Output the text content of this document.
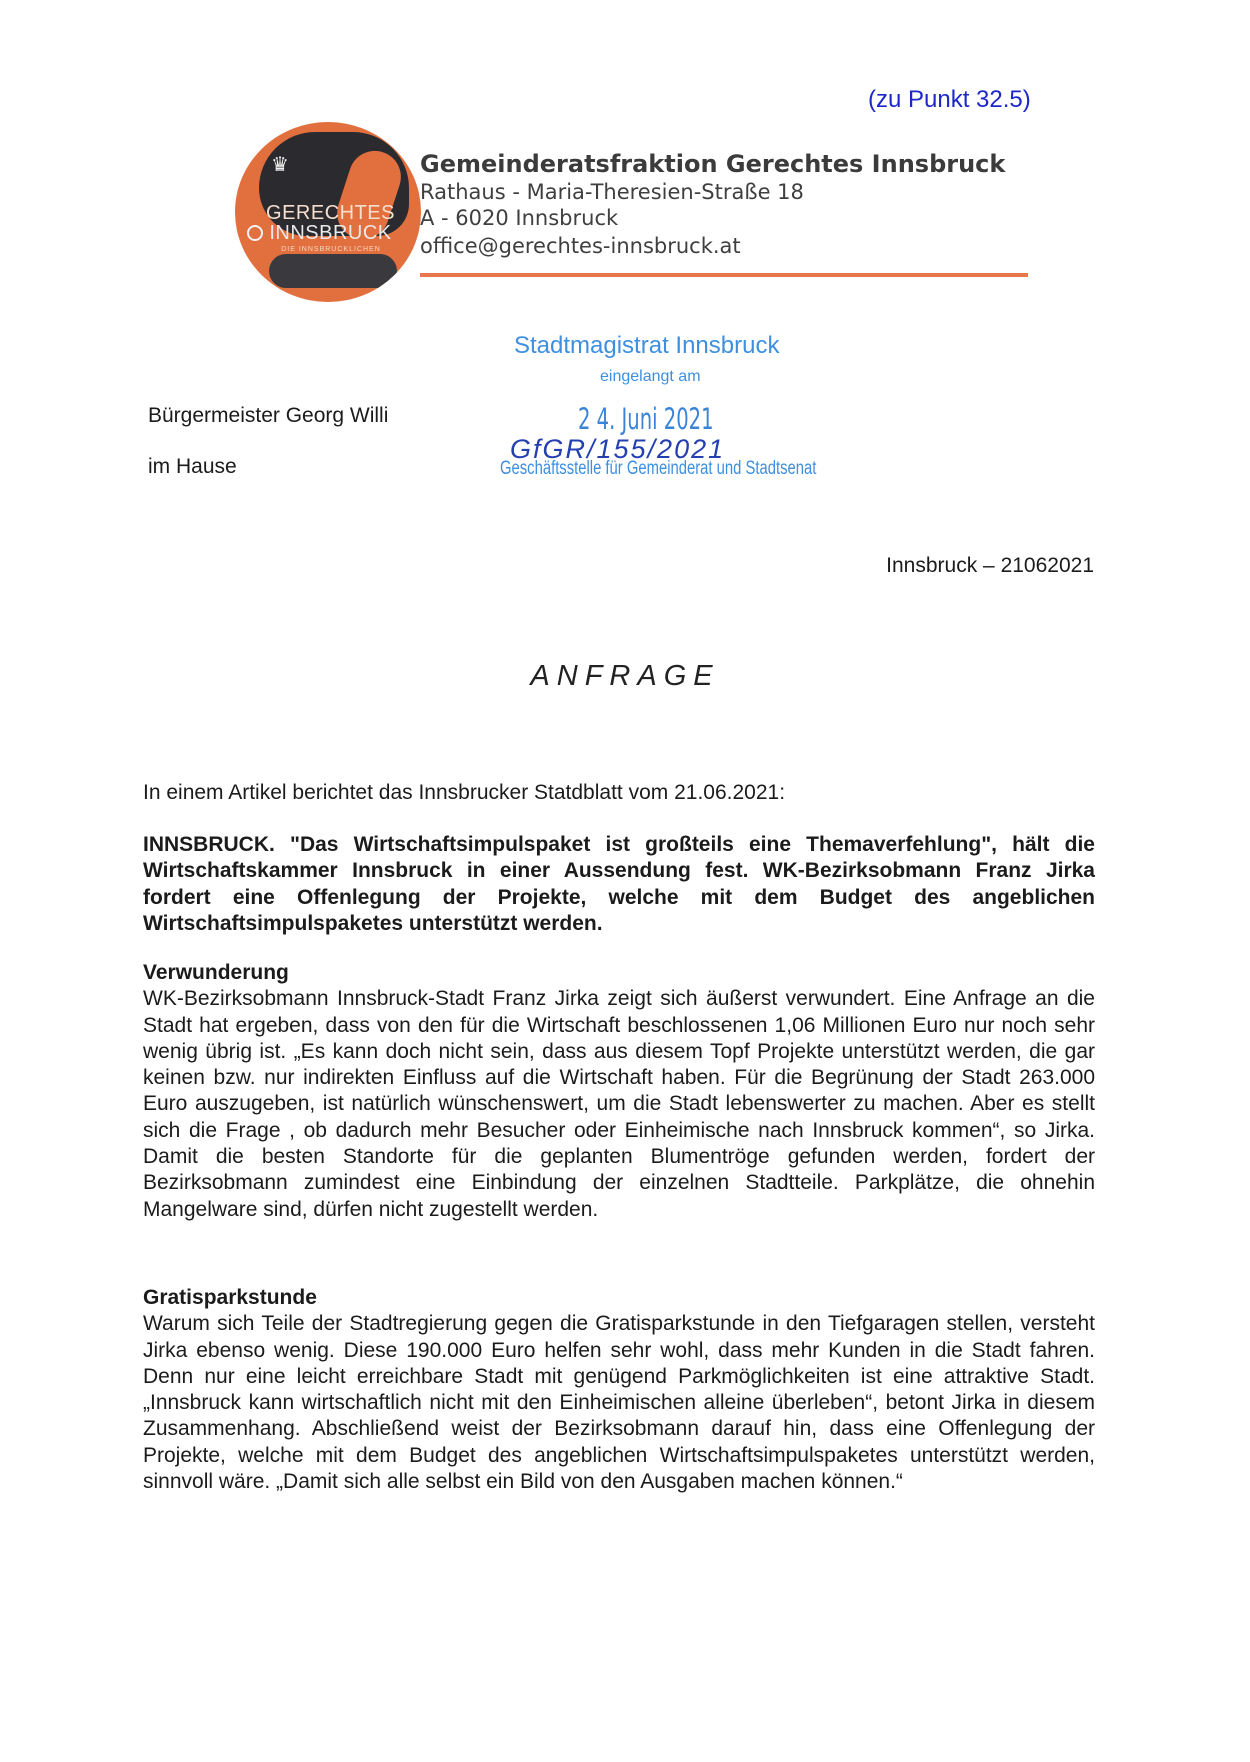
(zu Punkt 32.5)
♛
GERECHTES
INNSBRUCK
DIE INNSBRUCKLICHEN
Gemeinderatsfraktion Gerechtes Innsbruck
Rathaus - Maria-Theresien-Straße 18
A - 6020 Innsbruck
office@gerechtes-innsbruck.at
Stadtmagistrat Innsbruck
eingelangt am
2 4. Juni 2021
GfGR/155/2021
Geschäftsstelle für Gemeinderat und Stadtsenat
Bürgermeister Georg Willi
im Hause
Innsbruck – 21062021
ANFRAGE
In einem Artikel berichtet das Innsbrucker Statdblatt vom 21.06.2021:
INNSBRUCK. "Das Wirtschaftsimpulspaket ist großteils eine Themaverfehlung", hält die Wirtschaftskammer Innsbruck in einer Aussendung fest. WK-Bezirksobmann Franz Jirka fordert eine Offenlegung der Projekte, welche mit dem Budget des angeblichen Wirtschaftsimpulspaketes unterstützt werden.
Verwunderung

WK-Bezirksobmann Innsbruck-Stadt Franz Jirka zeigt sich äußerst verwundert. Eine Anfrage an die Stadt hat ergeben, dass von den für die Wirtschaft beschlossenen 1,06 Millionen Euro nur noch sehr wenig übrig ist. „Es kann doch nicht sein, dass aus diesem Topf Projekte unterstützt werden, die gar keinen bzw. nur indirekten Einfluss auf die Wirtschaft haben. Für die Begrünung der Stadt 263.000 Euro auszugeben, ist natürlich wünschenswert, um die Stadt lebenswerter zu machen. Aber es stellt sich die Frage , ob dadurch mehr Besucher oder Einheimische nach Innsbruck kommen“, so Jirka. Damit die besten Standorte für die geplanten Blumentröge gefunden werden, fordert der Bezirksobmann zumindest eine Einbindung der einzelnen Stadtteile. Parkplätze, die ohnehin Mangelware sind, dürfen nicht zugestellt werden.

Gratisparkstunde

Warum sich Teile der Stadtregierung gegen die Gratisparkstunde in den Tiefgaragen stellen, versteht Jirka ebenso wenig. Diese 190.000 Euro helfen sehr wohl, dass mehr Kunden in die Stadt fahren. Denn nur eine leicht erreichbare Stadt mit genügend Parkmöglichkeiten ist eine attraktive Stadt. „Innsbruck kann wirtschaftlich nicht mit den Einheimischen alleine überleben“, betont Jirka in diesem Zusammenhang. Abschließend weist der Bezirksobmann darauf hin, dass eine Offenlegung der Projekte, welche mit dem Budget des angeblichen Wirtschaftsimpulspaketes unterstützt werden, sinnvoll wäre. „Damit sich alle selbst ein Bild von den Ausgaben machen können.“
